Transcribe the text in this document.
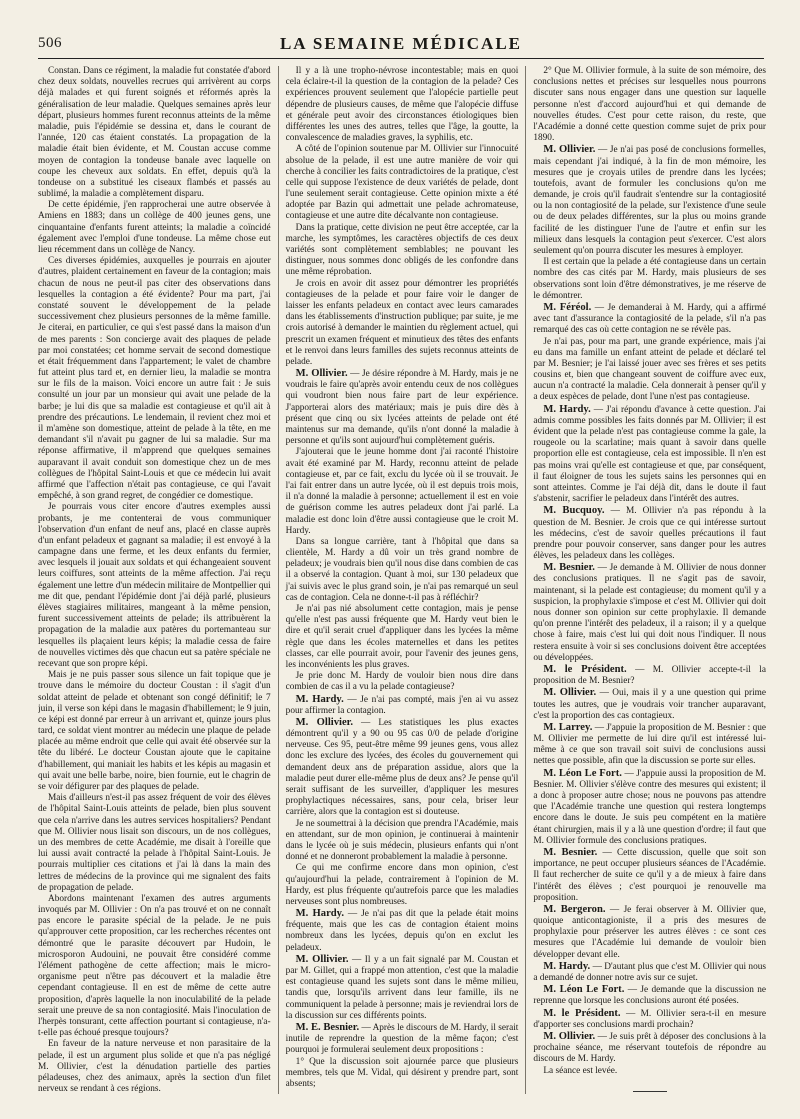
506	LA SEMAINE MÉDICALE

Constan. Dans ce régiment, la maladie fut constatée d'abord chez deux soldats, nouvelles recrues qui arrivèrent au corps déjà malades et qui furent soignés et réformés après la généralisation de leur maladie. Quelques semaines après leur départ, plusieurs hommes furent reconnus atteints de la même maladie, puis l'épidémie se dessina et, dans le courant de l'année, 120 cas étaient constatés. La propagation de la maladie était bien évidente, et M. Coustan accuse comme moyen de contagion la tondeuse banale avec laquelle on coupe les cheveux aux soldats. En effet, depuis qu'à la tondeuse on a substitué les ciseaux flambés et passés au sublimé, la maladie a complètement disparu.

De cette épidémie, j'en rapprocherai une autre observée à Amiens en 1883; dans un collège de 400 jeunes gens, une cinquantaine d'enfants furent atteints; la maladie a coïncidé également avec l'emploi d'une tondeuse. La même chose eut lieu récemment dans un collège de Nancy.

Ces diverses épidémies, auxquelles je pourrais en ajouter d'autres, plaident certainement en faveur de la contagion; mais chacun de nous ne peut-il pas citer des observations dans lesquelles la contagion a été évidente? Pour ma part, j'ai constaté souvent le développement de la pelade successivement chez plusieurs personnes de la même famille. Je citerai, en particulier, ce qui s'est passé dans la maison d'un de mes parents : Son concierge avait des plaques de pelade par moi constatées; cet homme servait de second domestique et était fréquemment dans l'appartement; le valet de chambre fut atteint plus tard et, en dernier lieu, la maladie se montra sur le fils de la maison. Voici encore un autre fait : Je suis consulté un jour par un monsieur qui avait une pelade de la barbe; je lui dis que sa maladie est contagieuse et qu'il ait à prendre des précautions. Le lendemain, il revient chez moi et il m'amène son domestique, atteint de pelade à la tête, en me demandant s'il n'avait pu gagner de lui sa maladie. Sur ma réponse affirmative, il m'apprend que quelques semaines auparavant il avait conduit son domestique chez un de mes collègues de l'hôpital Saint-Louis et que ce médecin lui avait affirmé que l'affection n'était pas contagieuse, ce qui l'avait empêché, à son grand regret, de congédier ce domestique.

Je pourrais vous citer encore d'autres exemples aussi probants, je me contenterai de vous communiquer l'observation d'un enfant de neuf ans, placé en classe auprès d'un enfant peladeux et gagnant sa maladie; il est envoyé à la campagne dans une ferme, et les deux enfants du fermier, avec lesquels il jouait aux soldats et qui échangeaient souvent leurs coiffures, sont atteints de la même affection. J'ai reçu également une lettre d'un médecin militaire de Montpellier qui me dit que, pendant l'épidémie dont j'ai déjà parlé, plusieurs élèves stagiaires militaires, mangeant à la même pension, furent successivement atteints de pelade; ils attribuèrent la propagation de la maladie aux patères du portemanteau sur lesquelles ils plaçaient leurs képis; la maladie cessa de faire de nouvelles victimes dès que chacun eut sa patère spéciale ne recevant que son propre képi.

Mais je ne puis passer sous silence un fait topique que je trouve dans le mémoire du docteur Coustan : il s'agit d'un soldat atteint de pelade et obtenant son congé définitif; le 7 juin, il verse son képi dans le magasin d'habillement; le 9 juin, ce képi est donné par erreur à un arrivant et, quinze jours plus tard, ce soldat vient montrer au médecin une plaque de pelade placée au même endroit que celle qui avait été observée sur la tête du libéré. Le docteur Coustan ajoute que le capitaine d'habillement, qui maniait les habits et les képis au magasin et qui avait une belle barbe, noire, bien fournie, eut le chagrin de se voir défigurer par des plaques de pelade.

Mais d'ailleurs n'est-il pas assez fréquent de voir des élèves de l'hôpital Saint-Louis atteints de pelade, bien plus souvent que cela n'arrive dans les autres services hospitaliers? Pendant que M. Ollivier nous lisait son discours, un de nos collègues, un des membres de cette Académie, me disait à l'oreille que lui aussi avait contracté la pelade à l'hôpital Saint-Louis. Je pourrais multiplier ces citations et j'ai là dans la main des lettres de médecins de la province qui me signalent des faits de propagation de pelade.

Abordons maintenant l'examen des autres arguments invoqués par M. Ollivier : On n'a pas trouvé et on ne connaît pas encore le parasite spécial de la pelade. Je ne puis qu'approuver cette proposition, car les recherches récentes ont démontré que le parasite découvert par Hudoin, le microsporon Audouini, ne pouvait être considéré comme l'élément pathogène de cette affection; mais le micro-organisme peut n'être pas découvert et la maladie être cependant contagieuse. Il en est de même de cette autre proposition, d'après laquelle la non inoculabilité de la pelade serait une preuve de sa non contagiosité. Mais l'inoculation de l'herpès tonsurant, cette affection pourtant si contagieuse, n'a-t-elle pas échoué presque toujours?

En faveur de la nature nerveuse et non parasitaire de la pelade, il est un argument plus solide et que n'a pas négligé M. Ollivier, c'est la dénudation partielle des parties péladeuses, chez des animaux, après la section d'un filet nerveux se rendant à ces régions.

Il y a là une tropho-névrose incontestable; mais en quoi cela éclaire-t-il la question de la contagion de la pelade? Ces expériences prouvent seulement que l'alopécie partielle peut dépendre de plusieurs causes, de même que l'alopécie diffuse et générale peut avoir des circonstances étiologiques bien différentes les unes des autres, telles que l'âge, la goutte, la convalescence de maladies graves, la syphilis, etc.

A côté de l'opinion soutenue par M. Ollivier sur l'innocuité absolue de la pelade, il est une autre manière de voir qui cherche à concilier les faits contradictoires de la pratique, c'est celle qui suppose l'existence de deux variétés de pelade, dont l'une seulement serait contagieuse. Cette opinion mixte a été adoptée par Bazin qui admettait une pelade achromateuse, contagieuse et une autre dite décalvante non contagieuse.

Dans la pratique, cette division ne peut être acceptée, car la marche, les symptômes, les caractères objectifs de ces deux variétés sont complètement semblables; ne pouvant les distinguer, nous sommes donc obligés de les confondre dans une même réprobation.

Je crois en avoir dit assez pour démontrer les propriétés contagieuses de la pelade et pour faire voir le danger de laisser les enfants peladeux en contact avec leurs camarades dans les établissements d'instruction publique; par suite, je me crois autorisé à demander le maintien du règlement actuel, qui prescrit un examen fréquent et minutieux des têtes des enfants et le renvoi dans leurs familles des sujets reconnus atteints de pelade.

M. Ollivier. — Je désire répondre à M. Hardy, mais je ne voudrais le faire qu'après avoir entendu ceux de nos collègues qui voudront bien nous faire part de leur expérience. J'apporterai alors des matériaux; mais je puis dire dès à présent que cinq ou six lycées atteints de pelade ont été maintenus sur ma demande, qu'ils n'ont donné la maladie à personne et qu'ils sont aujourd'hui complètement guéris.

J'ajouterai que le jeune homme dont j'ai raconté l'histoire avait été examiné par M. Hardy, reconnu atteint de pelade contagieuse et, par ce fait, exclu du lycée où il se trouvait. Je l'ai fait entrer dans un autre lycée, où il est depuis trois mois, il n'a donné la maladie à personne; actuellement il est en voie de guérison comme les autres peladeux dont j'ai parlé. La maladie est donc loin d'être aussi contagieuse que le croit M. Hardy.

Dans sa longue carrière, tant à l'hôpital que dans sa clientèle, M. Hardy a dû voir un très grand nombre de peladeux; je voudrais bien qu'il nous dise dans combien de cas il a observé la contagion. Quant à moi, sur 130 peladeux que j'ai suivis avec le plus grand soin, je n'ai pas remarqué un seul cas de contagion. Cela ne donne-t-il pas à réfléchir?

Je n'ai pas nié absolument cette contagion, mais je pense qu'elle n'est pas aussi fréquente que M. Hardy veut bien le dire et qu'il serait cruel d'appliquer dans les lycées la même règle que dans les écoles maternelles et dans les petites classes, car elle pourrait avoir, pour l'avenir des jeunes gens, les inconvénients les plus graves.

Je prie donc M. Hardy de vouloir bien nous dire dans combien de cas il a vu la pelade contagieuse?

M. Hardy. — Je n'ai pas compté, mais j'en ai vu assez pour affirmer la contagion.

M. Ollivier. — Les statistiques les plus exactes démontrent qu'il y a 90 ou 95 cas 0/0 de pelade d'origine nerveuse. Ces 95, peut-être même 99 jeunes gens, vous allez donc les exclure des lycées, des écoles du gouvernement qui demandent deux ans de préparation assidue, alors que la maladie peut durer elle-même plus de deux ans? Je pense qu'il serait suffisant de les surveiller, d'appliquer les mesures prophylactiques nécessaires, sans, pour cela, briser leur carrière, alors que la contagion est si douteuse.

Je ne soumettrai à la décision que prendra l'Académie, mais en attendant, sur de mon opinion, je continuerai à maintenir dans le lycée où je suis médecin, plusieurs enfants qui n'ont donné et ne donneront probablement la maladie à personne.

Ce qui me confirme encore dans mon opinion, c'est qu'aujourd'hui la pelade, contrairement à l'opinion de M. Hardy, est plus fréquente qu'autrefois parce que les maladies nerveuses sont plus nombreuses.

M. Hardy. — Je n'ai pas dit que la pelade était moins fréquente, mais que les cas de contagion étaient moins nombreux dans les lycées, depuis qu'on en exclut les peladeux.

M. Ollivier. — Il y a un fait signalé par M. Coustan et par M. Gillet, qui a frappé mon attention, c'est que la maladie est contagieuse quand les sujets sont dans le même milieu, tandis que, lorsqu'ils arrivent dans leur famille, ils ne communiquent la pelade à personne; mais je reviendrai lors de la discussion sur ces différents points.

M. E. Besnier. — Après le discours de M. Hardy, il serait inutile de reprendre la question de la même façon; c'est pourquoi je formulerai seulement deux propositions :

1° Que la discussion soit ajournée parce que plusieurs membres, tels que M. Vidal, qui désirent y prendre part, sont absents;

2° Que M. Ollivier formule, à la suite de son mémoire, des conclusions nettes et précises sur lesquelles nous pourrons discuter sans nous engager dans une question sur laquelle personne n'est d'accord aujourd'hui et qui demande de nouvelles études. C'est pour cette raison, du reste, que l'Académie a donné cette question comme sujet de prix pour 1890.

M. Ollivier. — Je n'ai pas posé de conclusions formelles, mais cependant j'ai indiqué, à la fin de mon mémoire, les mesures que je croyais utiles de prendre dans les lycées; toutefois, avant de formuler les conclusions qu'on me demande, je crois qu'il faudrait s'entendre sur la contagiosité ou la non contagiosité de la pelade, sur l'existence d'une seule ou de deux pelades différentes, sur la plus ou moins grande facilité de les distinguer l'une de l'autre et enfin sur les milieux dans lesquels la contagion peut s'exercer. C'est alors seulement qu'on pourra discuter les mesures à employer.

Il est certain que la pelade a été contagieuse dans un certain nombre des cas cités par M. Hardy, mais plusieurs de ses observations sont loin d'être démonstratives, je me réserve de le démontrer.

M. Féréol. — Je demanderai à M. Hardy, qui a affirmé avec tant d'assurance la contagiosité de la pelade, s'il n'a pas remarqué des cas où cette contagion ne se révèle pas.

Je n'ai pas, pour ma part, une grande expérience, mais j'ai eu dans ma famille un enfant atteint de pelade et déclaré tel par M. Besnier; je l'ai laissé jouer avec ses frères et ses petits cousins et, bien que changeant souvent de coiffure avec eux, aucun n'a contracté la maladie. Cela donnerait à penser qu'il y a deux espèces de pelade, dont l'une n'est pas contagieuse.

M. Hardy. — J'ai répondu d'avance à cette question. J'ai admis comme possibles les faits donnés par M. Ollivier; il est évident que la pelade n'est pas contagieuse comme la gale, la rougeole ou la scarlatine; mais quant à savoir dans quelle proportion elle est contagieuse, cela est impossible. Il n'en est pas moins vrai qu'elle est contagieuse et que, par conséquent, il faut éloigner de tous les sujets sains les personnes qui en sont atteintes. Comme je l'ai déjà dit, dans le doute il faut s'abstenir, sacrifier le peladeux dans l'intérêt des autres.

M. Bucquoy. — M. Ollivier n'a pas répondu à la question de M. Besnier. Je crois que ce qui intéresse surtout les médecins, c'est de savoir quelles précautions il faut prendre pour pouvoir conserver, sans danger pour les autres élèves, les peladeux dans les collèges.

M. Besnier. — Je demande à M. Ollivier de nous donner des conclusions pratiques. Il ne s'agit pas de savoir, maintenant, si la pelade est contagieuse; du moment qu'il y a suspicion, la prophylaxie s'impose et c'est M. Ollivier qui doit nous donner son opinion sur cette prophylaxie. Il demande qu'on prenne l'intérêt des peladeux, il a raison; il y a quelque chose à faire, mais c'est lui qui doit nous l'indiquer. Il nous restera ensuite à voir si ses conclusions doivent être acceptées ou développées.

M. le Président. — M. Ollivier accepte-t-il la proposition de M. Besnier?

M. Ollivier. — Oui, mais il y a une question qui prime toutes les autres, que je voudrais voir trancher auparavant, c'est la proportion des cas contagieux.

M. Larrey. — J'appuie la proposition de M. Besnier : que M. Ollivier me permette de lui dire qu'il est intéressé lui-même à ce que son travail soit suivi de conclusions aussi nettes que possible, afin que la discussion se porte sur elles.

M. Léon Le Fort. — J'appuie aussi la proposition de M. Besnier. M. Ollivier s'élève contre des mesures qui existent; il a donc à proposer autre chose; nous ne pouvons pas attendre que l'Académie tranche une question qui restera longtemps encore dans le doute. Je suis peu compétent en la matière étant chirurgien, mais il y a là une question d'ordre; il faut que M. Ollivier formule des conclusions pratiques.

M. Besnier. — Cette discussion, quelle que soit son importance, ne peut occuper plusieurs séances de l'Académie. Il faut rechercher de suite ce qu'il y a de mieux à faire dans l'intérêt des élèves ; c'est pourquoi je renouvelle ma proposition.

M. Bergeron. — Je ferai observer à M. Ollivier que, quoique anticontagioniste, il a pris des mesures de prophylaxie pour préserver les autres élèves : ce sont ces mesures que l'Académie lui demande de vouloir bien développer devant elle.

M. Hardy. — D'autant plus que c'est M. Ollivier qui nous a demandé de donner notre avis sur ce sujet.

M. Léon Le Fort. — Je demande que la discussion ne reprenne que lorsque les conclusions auront été posées.

M. le Président. — M. Ollivier sera-t-il en mesure d'apporter ses conclusions mardi prochain?

M. Ollivier. — Je suis prêt à déposer des conclusions à la prochaine séance, me réservant toutefois de répondre au discours de M. Hardy.

La séance est levée.
